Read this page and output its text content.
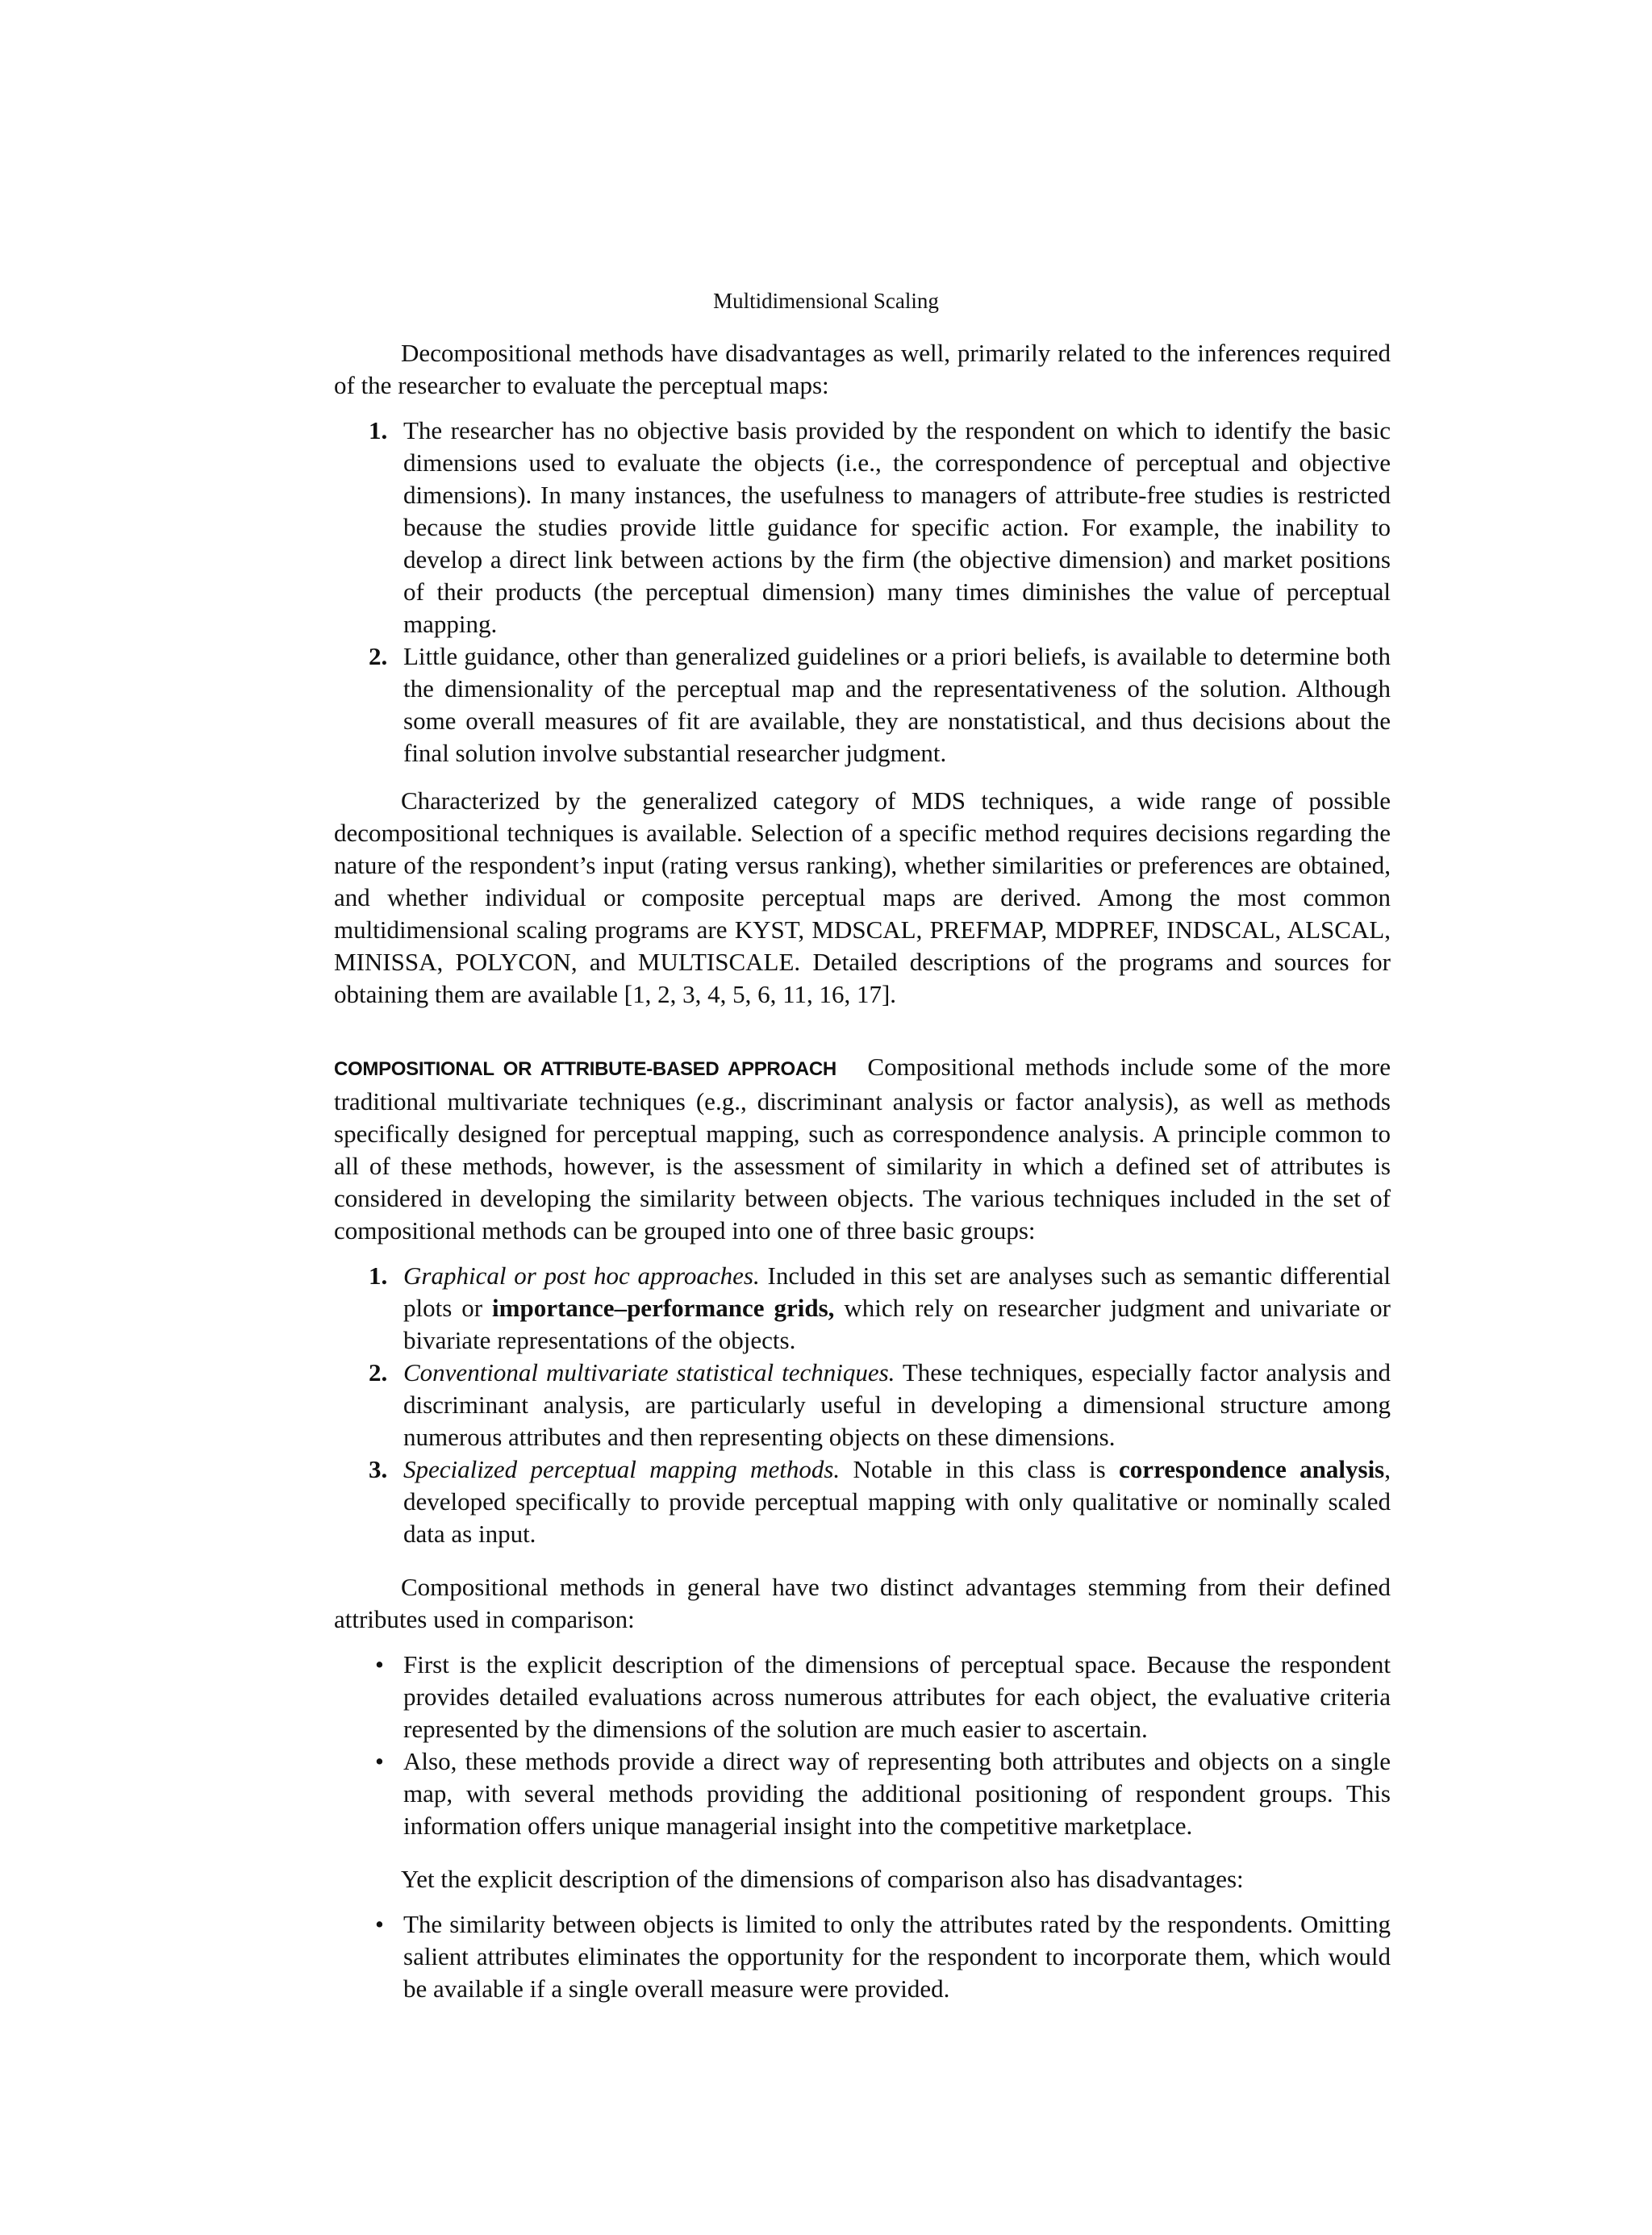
Multidimensional Scaling

Decompositional methods have disadvantages as well, primarily related to the inferences required of the researcher to evaluate the perceptual maps:

1. The researcher has no objective basis provided by the respondent on which to identify the basic dimensions used to evaluate the objects (i.e., the correspondence of perceptual and objective dimensions). In many instances, the usefulness to managers of attribute-free studies is restricted because the studies provide little guidance for specific action. For example, the inability to develop a direct link between actions by the firm (the objective dimension) and market positions of their products (the perceptual dimension) many times diminishes the value of perceptual mapping.
2. Little guidance, other than generalized guidelines or a priori beliefs, is available to determine both the dimensionality of the perceptual map and the representativeness of the solution. Although some overall measures of fit are available, they are nonstatistical, and thus decisions about the final solution involve substantial researcher judgment.

Characterized by the generalized category of MDS techniques, a wide range of possible decompositional techniques is available. Selection of a specific method requires decisions regarding the nature of the respondent’s input (rating versus ranking), whether similarities or preferences are obtained, and whether individual or composite perceptual maps are derived. Among the most common multidimensional scaling programs are KYST, MDSCAL, PREFMAP, MDPREF, INDSCAL, ALSCAL, MINISSA, POLYCON, and MULTISCALE. Detailed descriptions of the programs and sources for obtaining them are available [1, 2, 3, 4, 5, 6, 11, 16, 17].

COMPOSITIONAL OR ATTRIBUTE-BASED APPROACH Compositional methods include some of the more traditional multivariate techniques (e.g., discriminant analysis or factor analysis), as well as methods specifically designed for perceptual mapping, such as correspondence analysis. A principle common to all of these methods, however, is the assessment of similarity in which a defined set of attributes is considered in developing the similarity between objects. The various techniques included in the set of compositional methods can be grouped into one of three basic groups:

1. Graphical or post hoc approaches. Included in this set are analyses such as semantic differential plots or importance–performance grids, which rely on researcher judgment and univariate or bivariate representations of the objects.
2. Conventional multivariate statistical techniques. These techniques, especially factor analysis and discriminant analysis, are particularly useful in developing a dimensional structure among numerous attributes and then representing objects on these dimensions.
3. Specialized perceptual mapping methods. Notable in this class is correspondence analysis, developed specifically to provide perceptual mapping with only qualitative or nominally scaled data as input.

Compositional methods in general have two distinct advantages stemming from their defined attributes used in comparison:

• First is the explicit description of the dimensions of perceptual space. Because the respondent provides detailed evaluations across numerous attributes for each object, the evaluative criteria represented by the dimensions of the solution are much easier to ascertain.
• Also, these methods provide a direct way of representing both attributes and objects on a single map, with several methods providing the additional positioning of respondent groups. This information offers unique managerial insight into the competitive marketplace.

Yet the explicit description of the dimensions of comparison also has disadvantages:

• The similarity between objects is limited to only the attributes rated by the respondents. Omitting salient attributes eliminates the opportunity for the respondent to incorporate them, which would be available if a single overall measure were provided.
